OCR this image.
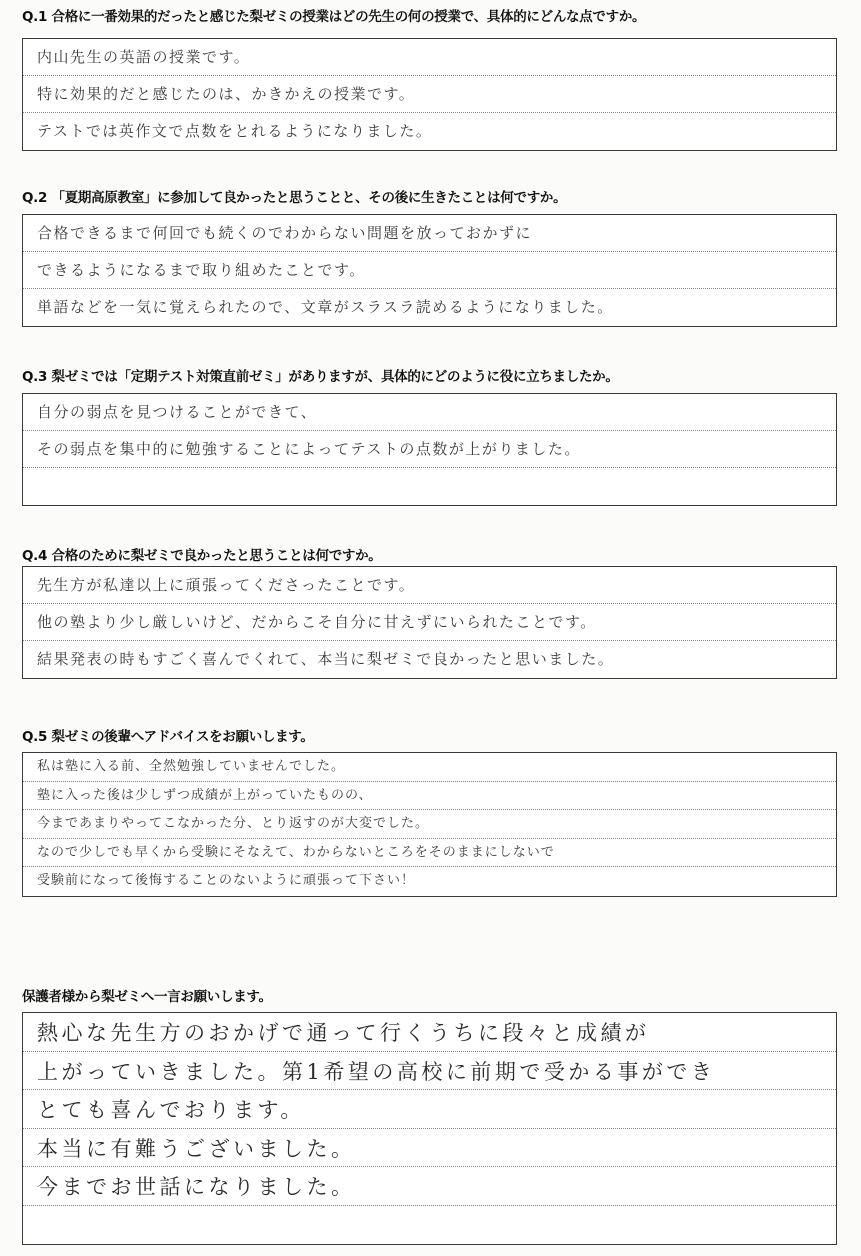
Q.1 合格に一番効果的だったと感じた梨ゼミの授業はどの先生の何の授業で、具体的にどんな点ですか。
内山先生の英語の授業です。
特に効果的だと感じたのは、かきかえの授業です。
テストでは英作文で点数をとれるようになりました。
Q.2 「夏期高原教室」に参加して良かったと思うことと、その後に生きたことは何ですか。
合格できるまで何回でも続くのでわからない問題を放っておかずに
できるようになるまで取り組めたことです。
単語などを一気に覚えられたので、文章がスラスラ読めるようになりました。
Q.3 梨ゼミでは「定期テスト対策直前ゼミ」がありますが、具体的にどのように役に立ちましたか。
自分の弱点を見つけることができて、
その弱点を集中的に勉強することによってテストの点数が上がりました。
Q.4 合格のために梨ゼミで良かったと思うことは何ですか。
先生方が私達以上に頑張ってくださったことです。
他の塾より少し厳しいけど、だからこそ自分に甘えずにいられたことです。
結果発表の時もすごく喜んでくれて、本当に梨ゼミで良かったと思いました。
Q.5 梨ゼミの後輩へアドバイスをお願いします。
私は塾に入る前、全然勉強していませんでした。
塾に入った後は少しずつ成績が上がっていたものの、
今まであまりやってこなかった分、とり返すのが大変でした。
なので少しでも早くから受験にそなえて、わからないところをそのままにしないで
受験前になって後悔することのないように頑張って下さい！
保護者様から梨ゼミへ一言お願いします。
熱心な先生方のおかげで通って行くうちに段々と成績が
上がっていきました。第1希望の高校に前期で受かる事ができ
とても喜んでおります。
本当に有難うございました。
今までお世話になりました。
